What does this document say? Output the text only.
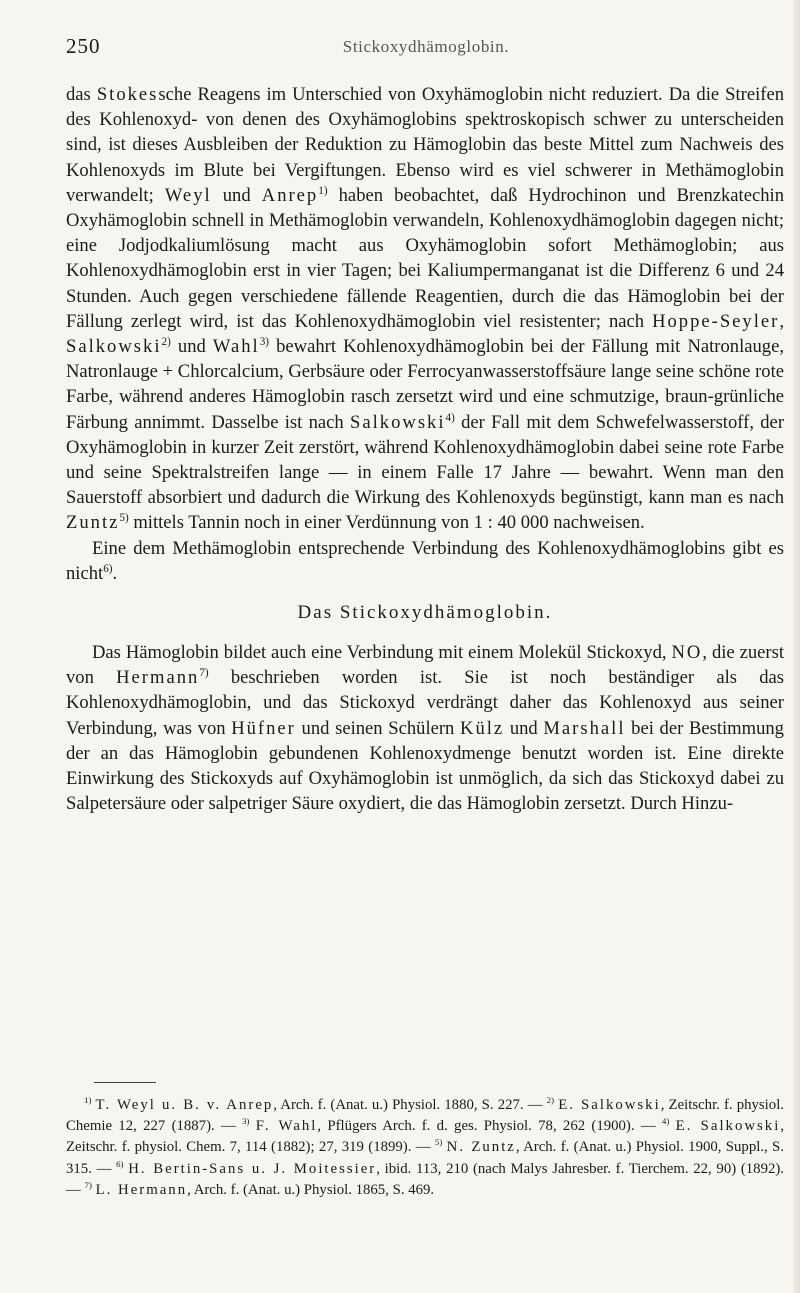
250	Stickoxydhämoglobin.

das Stokessche Reagens im Unterschied von Oxyhämoglobin nicht reduziert. Da die Streifen des Kohlenoxyd- von denen des Oxyhämoglobins spektroskopisch schwer zu unterscheiden sind, ist dieses Ausbleiben der Reduktion zu Hämoglobin das beste Mittel zum Nachweis des Kohlenoxyds im Blute bei Vergiftungen. Ebenso wird es viel schwerer in Methämoglobin verwandelt; Weyl und Anrep$^{1)}$ haben beobachtet, daß Hydrochinon und Brenzkatechin Oxyhämoglobin schnell in Methämoglobin verwandeln, Kohlenoxydhämoglobin dagegen nicht; eine Jodjodkaliumlösung macht aus Oxyhämoglobin sofort Methämoglobin; aus Kohlenoxydhämoglobin erst in vier Tagen; bei Kaliumpermanganat ist die Differenz 6 und 24 Stunden. Auch gegen verschiedene fällende Reagentien, durch die das Hämoglobin bei der Fällung zerlegt wird, ist das Kohlenoxydhämoglobin viel resistenter; nach Hoppe-Seyler, Salkowski$^{2)}$ und Wahl$^{3)}$ bewahrt Kohlenoxydhämoglobin bei der Fällung mit Natronlauge, Natronlauge + Chlorcalcium, Gerbsäure oder Ferrocyanwasserstoffsäure lange seine schöne rote Farbe, während anderes Hämoglobin rasch zersetzt wird und eine schmutzige, braun-grünliche Färbung annimmt. Dasselbe ist nach Salkowski$^{4)}$ der Fall mit dem Schwefelwasserstoff, der Oxyhämoglobin in kurzer Zeit zerstört, während Kohlenoxydhämoglobin dabei seine rote Farbe und seine Spektralstreifen lange — in einem Falle 17 Jahre — bewahrt. Wenn man den Sauerstoff absorbiert und dadurch die Wirkung des Kohlenoxyds begünstigt, kann man es nach Zuntz$^{5)}$ mittels Tannin noch in einer Verdünnung von 1 : 40 000 nachweisen.

Eine dem Methämoglobin entsprechende Verbindung des Kohlenoxydhämoglobins gibt es nicht$^{6)}$.

Das Stickoxydhämoglobin.

Das Hämoglobin bildet auch eine Verbindung mit einem Molekül Stickoxyd, NO, die zuerst von Hermann$^{7)}$ beschrieben worden ist. Sie ist noch beständiger als das Kohlenoxydhämoglobin, und das Stickoxyd verdrängt daher das Kohlenoxyd aus seiner Verbindung, was von Hüfner und seinen Schülern Külz und Marshall bei der Bestimmung der an das Hämoglobin gebundenen Kohlenoxydmenge benutzt worden ist. Eine direkte Einwirkung des Stickoxyds auf Oxyhämoglobin ist unmöglich, da sich das Stickoxyd dabei zu Salpetersäure oder salpetriger Säure oxydiert, die das Hämoglobin zersetzt. Durch Hinzu-

$^{1)}$ T. Weyl u. B. v. Anrep, Arch. f. (Anat. u.) Physiol. 1880, S. 227. — $^{2)}$ E. Salkowski, Zeitschr. f. physiol. Chemie 12, 227 (1887). — $^{3)}$ F. Wahl, Pflügers Arch. f. d. ges. Physiol. 78, 262 (1900). — $^{4)}$ E. Salkowski, Zeitschr. f. physiol. Chem. 7, 114 (1882); 27, 319 (1899). — $^{5)}$ N. Zuntz, Arch. f. (Anat. u.) Physiol. 1900, Suppl., S. 315. — $^{6)}$ H. Bertin-Sans u. J. Moitessier, ibid. 113, 210 (nach Malys Jahresber. f. Tierchem. 22, 90) (1892). — $^{7)}$ L. Hermann, Arch. f. (Anat. u.) Physiol. 1865, S. 469.
